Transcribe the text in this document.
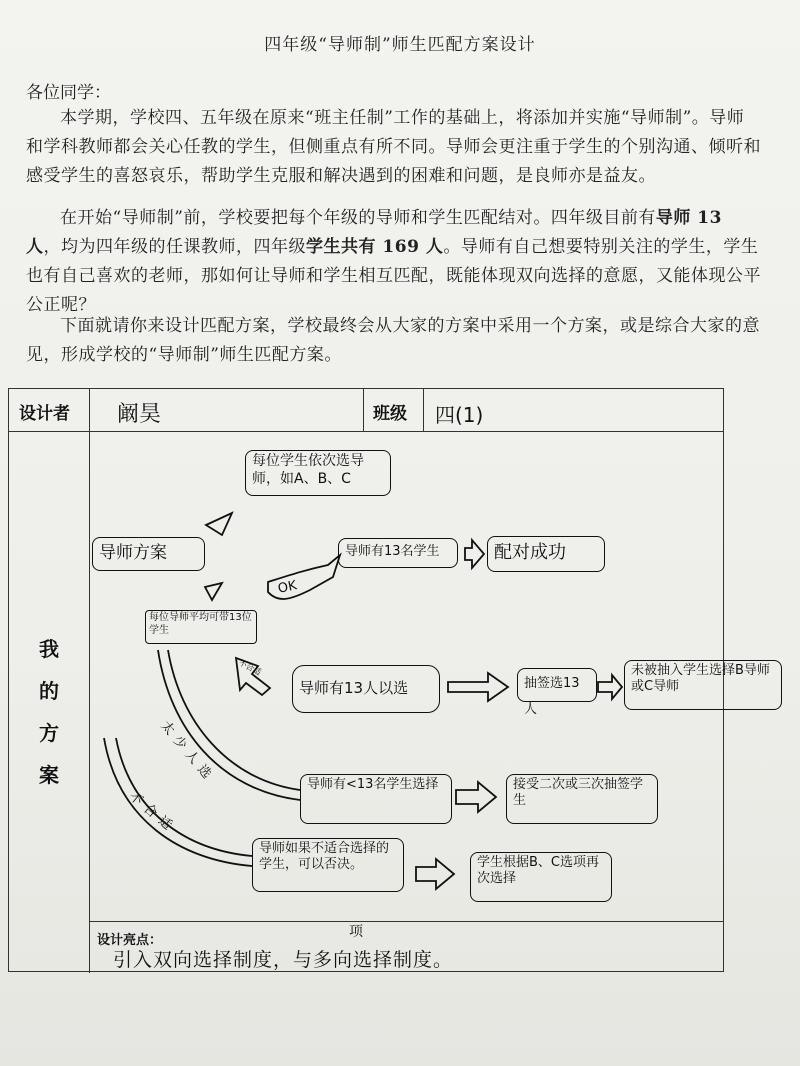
四年级“导师制”师生匹配方案设计
各位同学：
本学期，学校四、五年级在原来“班主任制”工作的基础上，将添加并实施“导师制”。导师和学科教师都会关心任教的学生，但侧重点有所不同。导师会更注重于学生的个别沟通、倾听和感受学生的喜怒哀乐，帮助学生克服和解决遇到的困难和问题，是良师亦是益友。
在开始“导师制”前，学校要把每个年级的导师和学生匹配结对。四年级目前有导师 13 人，均为四年级的任课教师，四年级学生共有 169 人。导师有自己想要特别关注的学生，学生也有自己喜欢的老师，那如何让导师和学生相互匹配，既能体现双向选择的意愿，又能体现公平公正呢？
下面就请你来设计匹配方案，学校最终会从大家的方案中采用一个方案，或是综合大家的意见，形成学校的“导师制”师生匹配方案。
设计者 阚昊	班级 四(1)
我
的
方
案
设计亮点：
引入双向选择制度，与多向选择制度。
项
每位学生依次选导师，如A、B、C
导师方案	导师有13名学生	配对成功
OK
每位导师平均可带13位学生
不合适
导师有13人以选	抽签选13人
未被抽入学生选择B导师或C导师
太少人选	导师有<13名学生选择	接受二次或三次抽签学生
不合适
导师如果不适合选择的学生，可以否决。	学生根据B、C选项再次选择
